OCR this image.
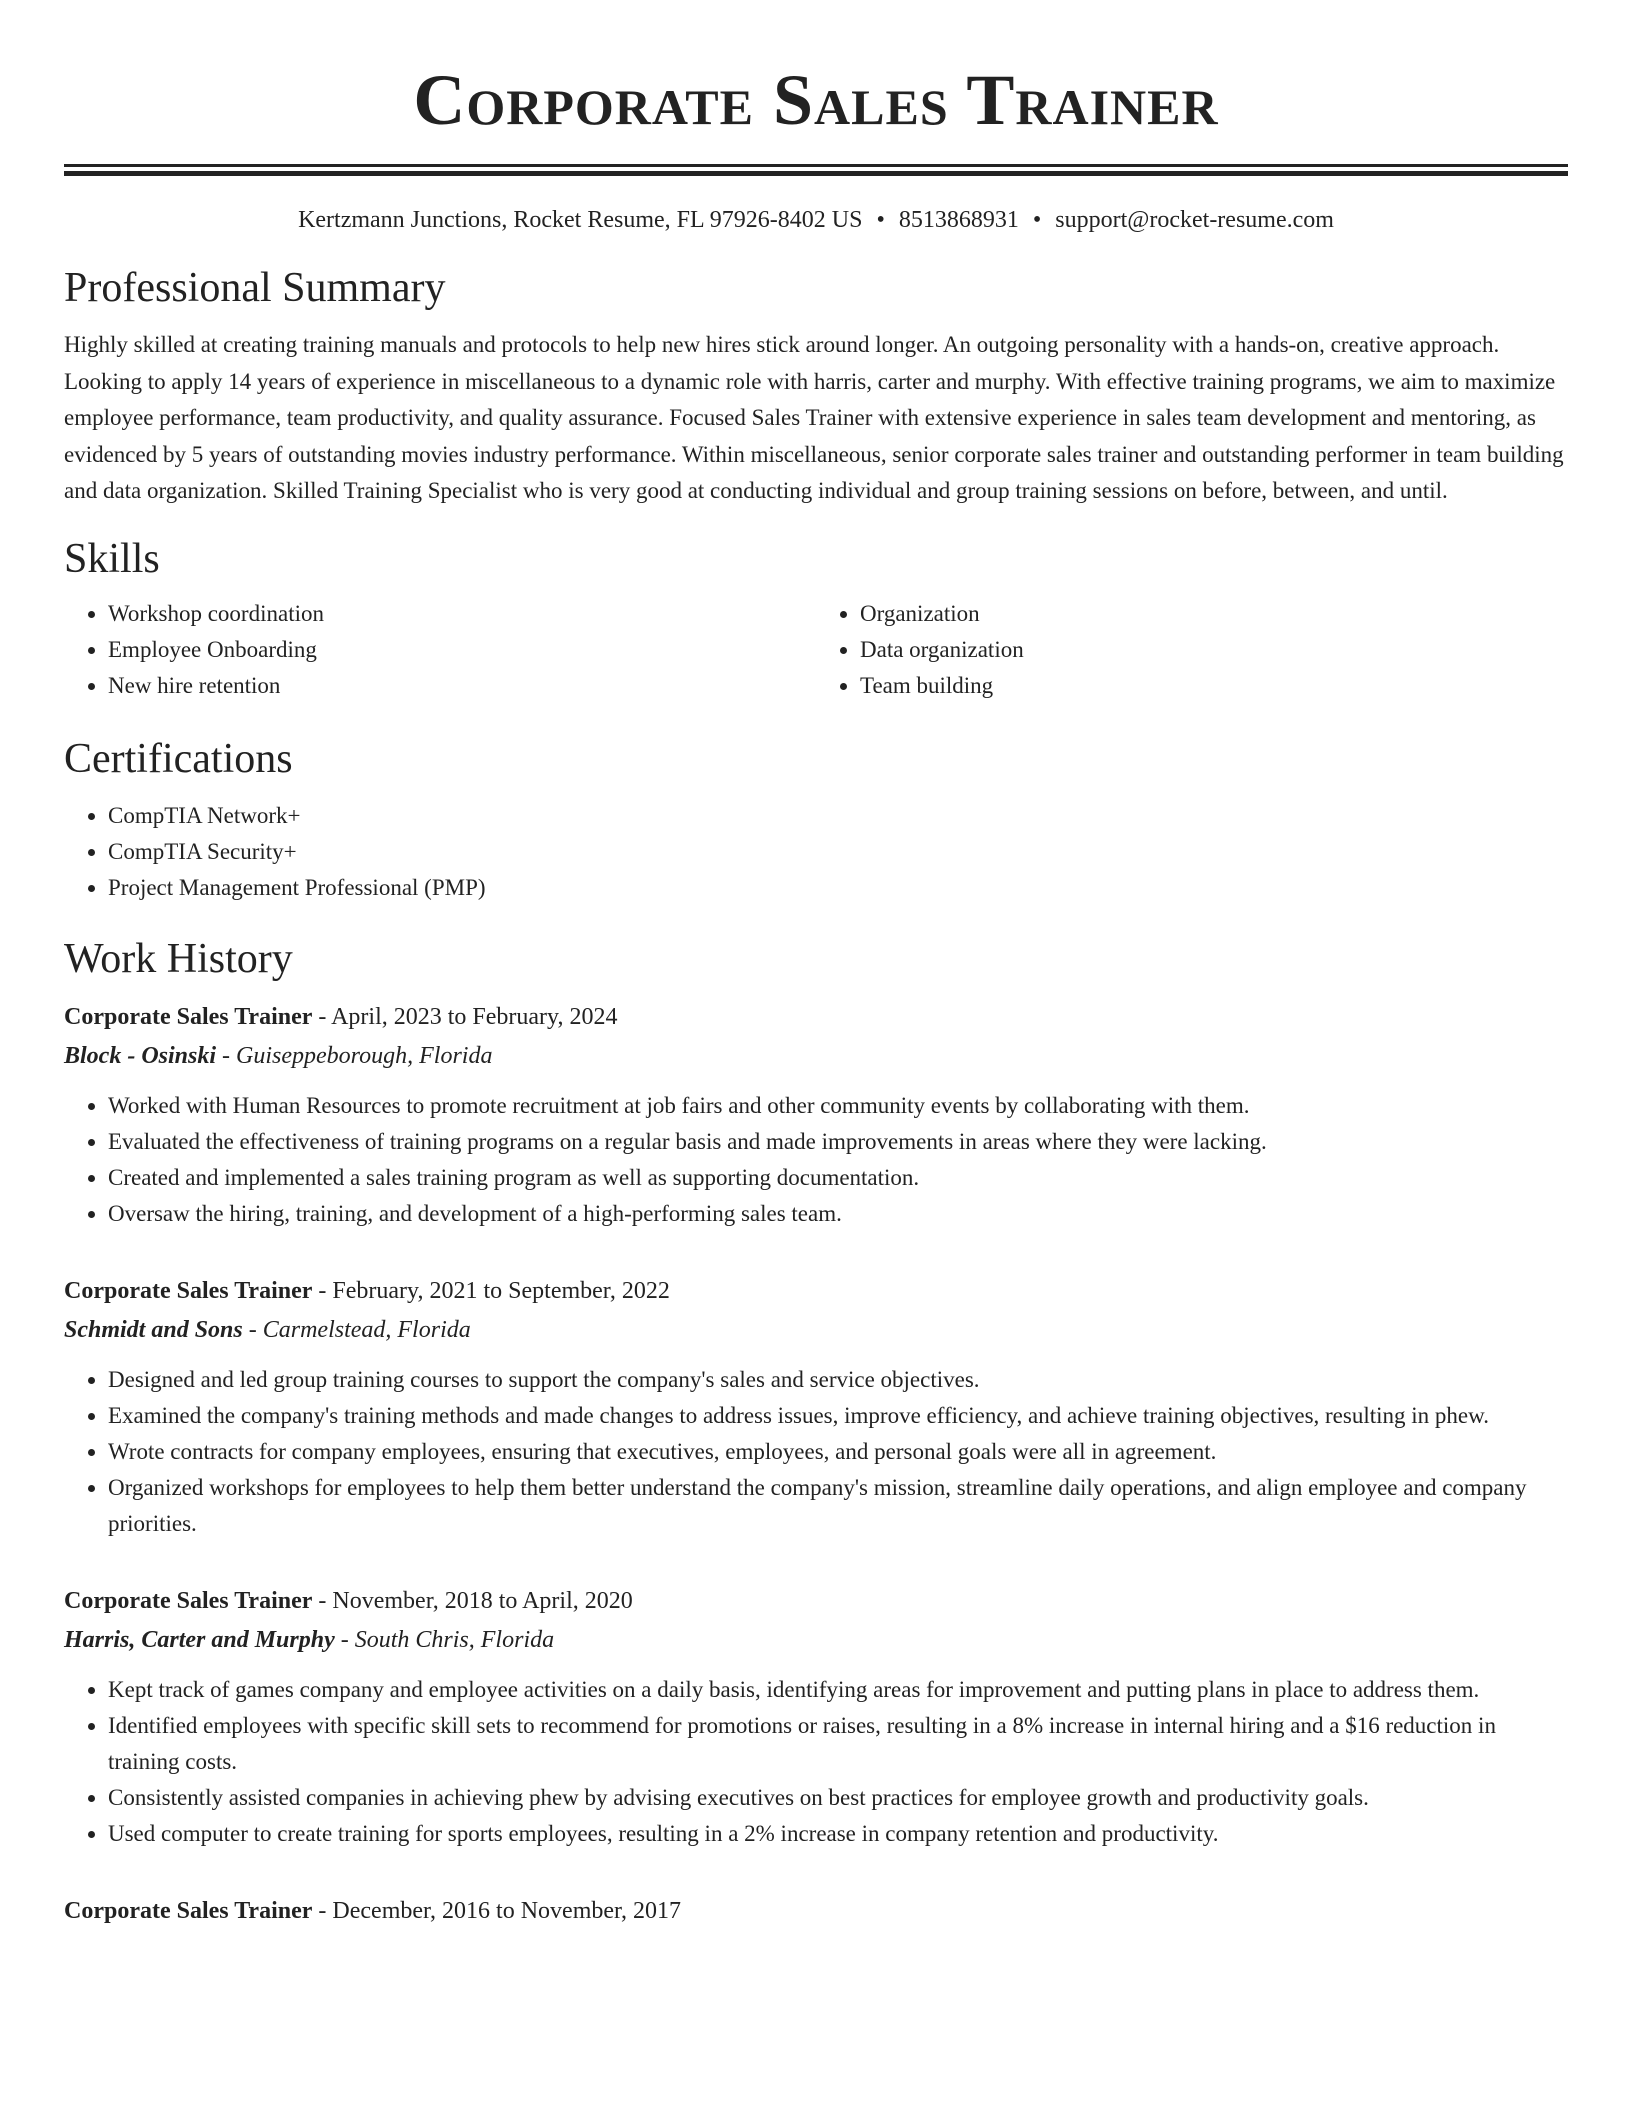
Corporate Sales Trainer
Kertzmann Junctions, Rocket Resume, FL 97926-8402 US • 8513868931 • support@rocket-resume.com
Professional Summary

Highly skilled at creating training manuals and protocols to help new hires stick around longer. An outgoing personality with a hands-on, creative approach. Looking to apply 14 years of experience in miscellaneous to a dynamic role with harris, carter and murphy. With effective training programs, we aim to maximize employee performance, team productivity, and quality assurance. Focused Sales Trainer with extensive experience in sales team development and mentoring, as evidenced by 5 years of outstanding movies industry performance. Within miscellaneous, senior corporate sales trainer and outstanding performer in team building and data organization. Skilled Training Specialist who is very good at conducting individual and group training sessions on before, between, and until.

Skills
• Workshop coordination
• Employee Onboarding
• New hire retention
• Organization
• Data organization
• Team building
Certifications
• CompTIA Network+
• CompTIA Security+
• Project Management Professional (PMP)
Work History
Corporate Sales Trainer - April, 2023 to February, 2024
Block - Osinski - Guiseppeborough, Florida
• Worked with Human Resources to promote recruitment at job fairs and other community events by collaborating with them.
• Evaluated the effectiveness of training programs on a regular basis and made improvements in areas where they were lacking.
• Created and implemented a sales training program as well as supporting documentation.
• Oversaw the hiring, training, and development of a high-performing sales team.
Corporate Sales Trainer - February, 2021 to September, 2022
Schmidt and Sons - Carmelstead, Florida
• Designed and led group training courses to support the company's sales and service objectives.
• Examined the company's training methods and made changes to address issues, improve efficiency, and achieve training objectives, resulting in phew.
• Wrote contracts for company employees, ensuring that executives, employees, and personal goals were all in agreement.
• Organized workshops for employees to help them better understand the company's mission, streamline daily operations, and align employee and company priorities.
Corporate Sales Trainer - November, 2018 to April, 2020
Harris, Carter and Murphy - South Chris, Florida
• Kept track of games company and employee activities on a daily basis, identifying areas for improvement and putting plans in place to address them.
• Identified employees with specific skill sets to recommend for promotions or raises, resulting in a 8% increase in internal hiring and a $16 reduction in training costs.
• Consistently assisted companies in achieving phew by advising executives on best practices for employee growth and productivity goals.
• Used computer to create training for sports employees, resulting in a 2% increase in company retention and productivity.
Corporate Sales Trainer - December, 2016 to November, 2017
